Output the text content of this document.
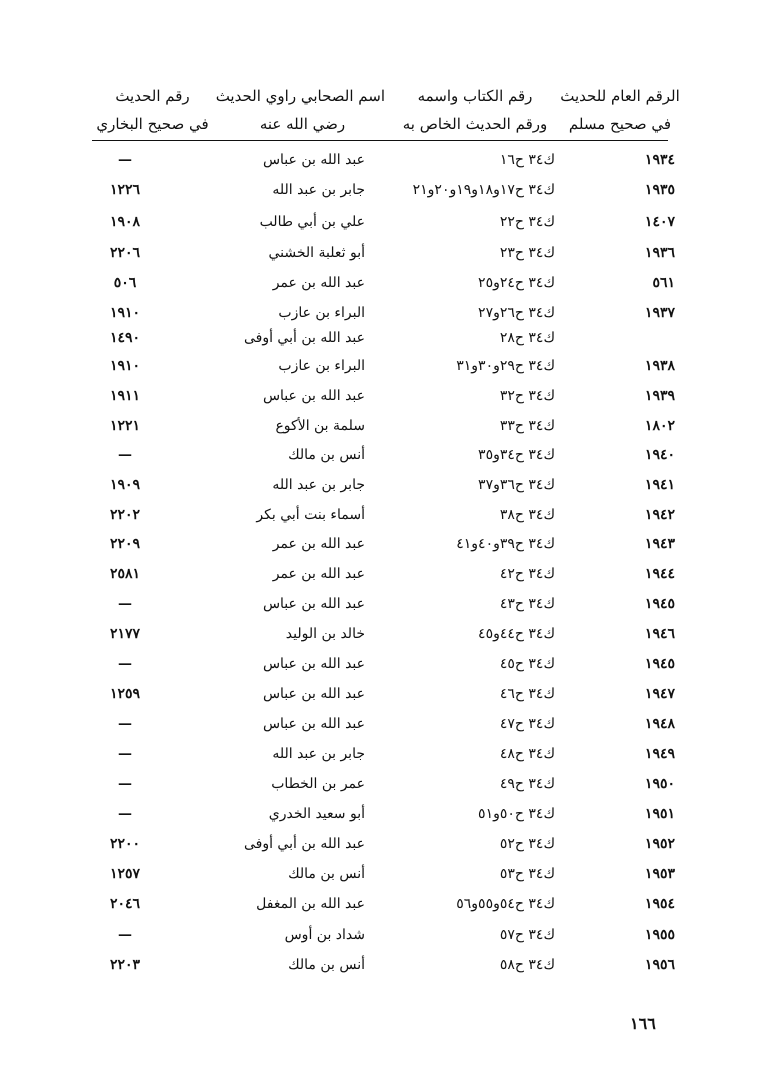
الرقم العام للحديث
في صحيح مسلم
رقم الكتاب واسمه
ورقم الحديث الخاص به
اسم الصحابي راوي الحديث
رضي الله عنه
رقم الحديث
في صحيح البخاري
١٩٣٤
ك٣٤ ح١٦
عبد الله بن عباس
—
١٩٣٥
ك٣٤ ح١٧و١٨و١٩و٢٠و٢١
جابر بن عبد الله
١٢٢٦
١٤٠٧
ك٣٤ ح٢٢
علي بن أبي طالب
١٩٠٨
١٩٣٦
ك٣٤ ح٢٣
أبو ثعلبة الخشني
٢٢٠٦
٥٦١
ك٣٤ ح٢٤و٢٥
عبد الله بن عمر
٥٠٦
١٩٣٧
ك٣٤ ح٢٦و٢٧
البراء بن عازب
١٩١٠
ك٣٤ ح٢٨
عبد الله بن أبي أوفى
١٤٩٠
١٩٣٨
ك٣٤ ح٢٩و٣٠و٣١
البراء بن عازب
١٩١٠
١٩٣٩
ك٣٤ ح٣٢
عبد الله بن عباس
١٩١١
١٨٠٢
ك٣٤ ح٣٣
سلمة بن الأكوع
١٢٢١
١٩٤٠
ك٣٤ ح٣٤و٣٥
أنس بن مالك
—
١٩٤١
ك٣٤ ح٣٦و٣٧
جابر بن عبد الله
١٩٠٩
١٩٤٢
ك٣٤ ح٣٨
أسماء بنت أبي بكر
٢٢٠٢
١٩٤٣
ك٣٤ ح٣٩و٤٠و٤١
عبد الله بن عمر
٢٢٠٩
١٩٤٤
ك٣٤ ح٤٢
عبد الله بن عمر
٢٥٨١
١٩٤٥
ك٣٤ ح٤٣
عبد الله بن عباس
—
١٩٤٦
ك٣٤ ح٤٤و٤٥
خالد بن الوليد
٢١٧٧
١٩٤٥
ك٣٤ ح٤٥
عبد الله بن عباس
—
١٩٤٧
ك٣٤ ح٤٦
عبد الله بن عباس
١٢٥٩
١٩٤٨
ك٣٤ ح٤٧
عبد الله بن عباس
—
١٩٤٩
ك٣٤ ح٤٨
جابر بن عبد الله
—
١٩٥٠
ك٣٤ ح٤٩
عمر بن الخطاب
—
١٩٥١
ك٣٤ ح٥٠و٥١
أبو سعيد الخدري
—
١٩٥٢
ك٣٤ ح٥٢
عبد الله بن أبي أوفى
٢٢٠٠
١٩٥٣
ك٣٤ ح٥٣
أنس بن مالك
١٢٥٧
١٩٥٤
ك٣٤ ح٥٤و٥٥و٥٦
عبد الله بن المغفل
٢٠٤٦
١٩٥٥
ك٣٤ ح٥٧
شداد بن أوس
—
١٩٥٦
ك٣٤ ح٥٨
أنس بن مالك
٢٢٠٣
١٦٦
